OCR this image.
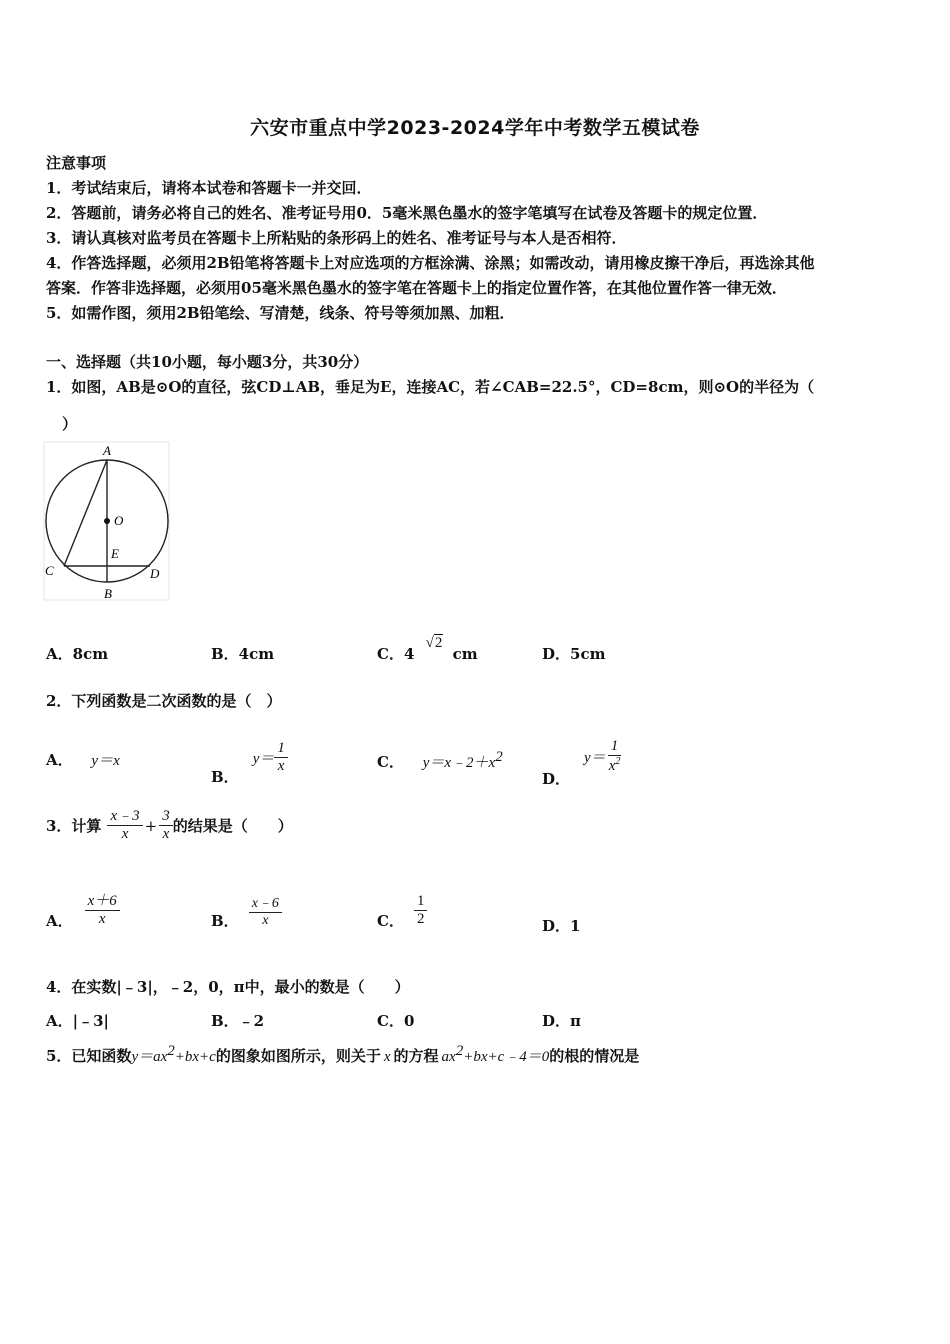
六安市重点中学2023-2024学年中考数学五模试卷
注意事项
1．考试结束后，请将本试卷和答题卡一并交回．
2．答题前，请务必将自己的姓名、准考证号用0．5毫米黑色墨水的签字笔填写在试卷及答题卡的规定位置．
3．请认真核对监考员在答题卡上所粘贴的条形码上的姓名、准考证号与本人是否相符．
4．作答选择题，必须用2B铅笔将答题卡上对应选项的方框涂满、涂黑；如需改动，请用橡皮擦干净后，再选涂其他
答案．作答非选择题，必须用05毫米黑色墨水的签字笔在答题卡上的指定位置作答，在其他位置作答一律无效．
5．如需作图，须用2B铅笔绘、写清楚，线条、符号等须加黑、加粗．
一、选择题（共10小题，每小题3分，共30分）
1．如图，AB是⊙O的直径，弦CD⊥AB，垂足为E，连接AC，若∠CAB=22.5°，CD=8cm，则⊙O的半径为（
）
A
O
E
C	D
B
A．8cm	B．4cm	C．4 √2 cm	D．5cm
2．下列函数是二次函数的是（　）
A． y＝x
B．
$y= \frac{1}{x}$	C． $y=x﹣2+x^2$
D．
$y= \frac{1}{x^2}$
3．计算 $\frac{x﹣3}{x} + \frac{3}{x}$ 的结果是（　　）
A． $\frac{x+6}{x}$	B． $\frac{x﹣6}{x}$	C． $\frac{1}{2}$	D．1
4．在实数|﹣3|，﹣2，0，π中，最小的数是（　　）
A．|﹣3|	B．﹣2	C．0	D．π
5．已知函数$y=ax^2+bx+c$的图象如图所示，则关于 x 的方程 $ax^2+bx+c﹣4=0$的根的情况是
